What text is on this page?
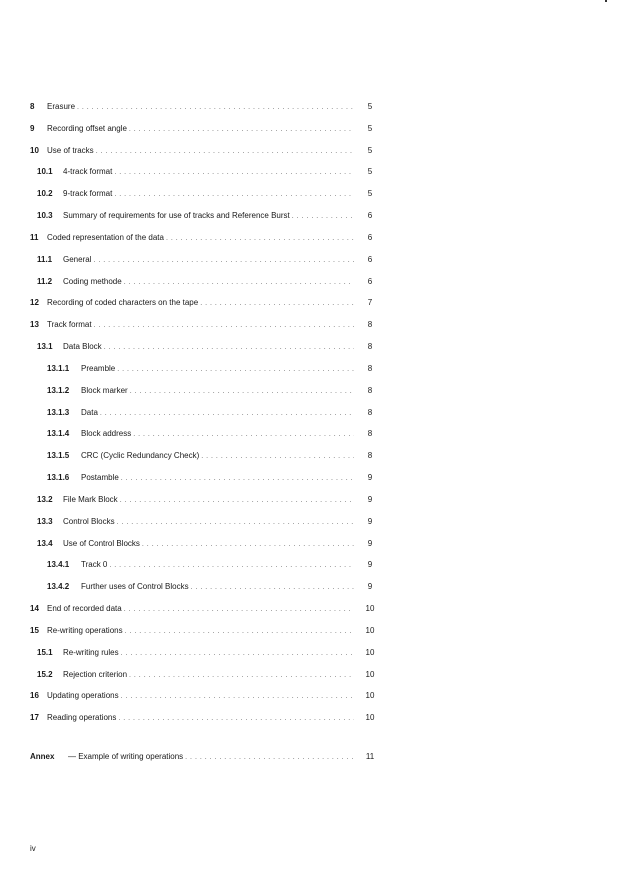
8	Erasure . . .	5
9	Recording offset angle . . .	5
10	Use of tracks . . .	5
10.1	4-track format . . .	5
10.2	9-track format . . .	5
10.3	Summary of requirements for use of tracks and Reference Burst . . .	6
11	Coded representation of the data . . .	6
11.1	General . . .	6
11.2	Coding methode . . .	6
12	Recording of coded characters on the tape . . .	7
13	Track format . . .	8
13.1	Data Block . . .	8
13.1.1	Preamble . . .	8
13.1.2	Block marker . . .	8
13.1.3	Data . . .	8
13.1.4	Block address . . .	8
13.1.5	CRC (Cyclic Redundancy Check) . . .	8
13.1.6	Postamble . . .	9
13.2	File Mark Block . . .	9
13.3	Control Blocks . . .	9
13.4	Use of Control Blocks . . .	9
13.4.1	Track 0 . . .	9
13.4.2	Further uses of Control Blocks . . .	9
14	End of recorded data . . .	10
15	Re-writing operations . . .	10
15.1	Re-writing rules . . .	10
15.2	Rejection criterion . . .	10
16	Updating operations . . .	10
17	Reading operations . . .	10
Annex	— Example of writing operations . . .	11
iv
